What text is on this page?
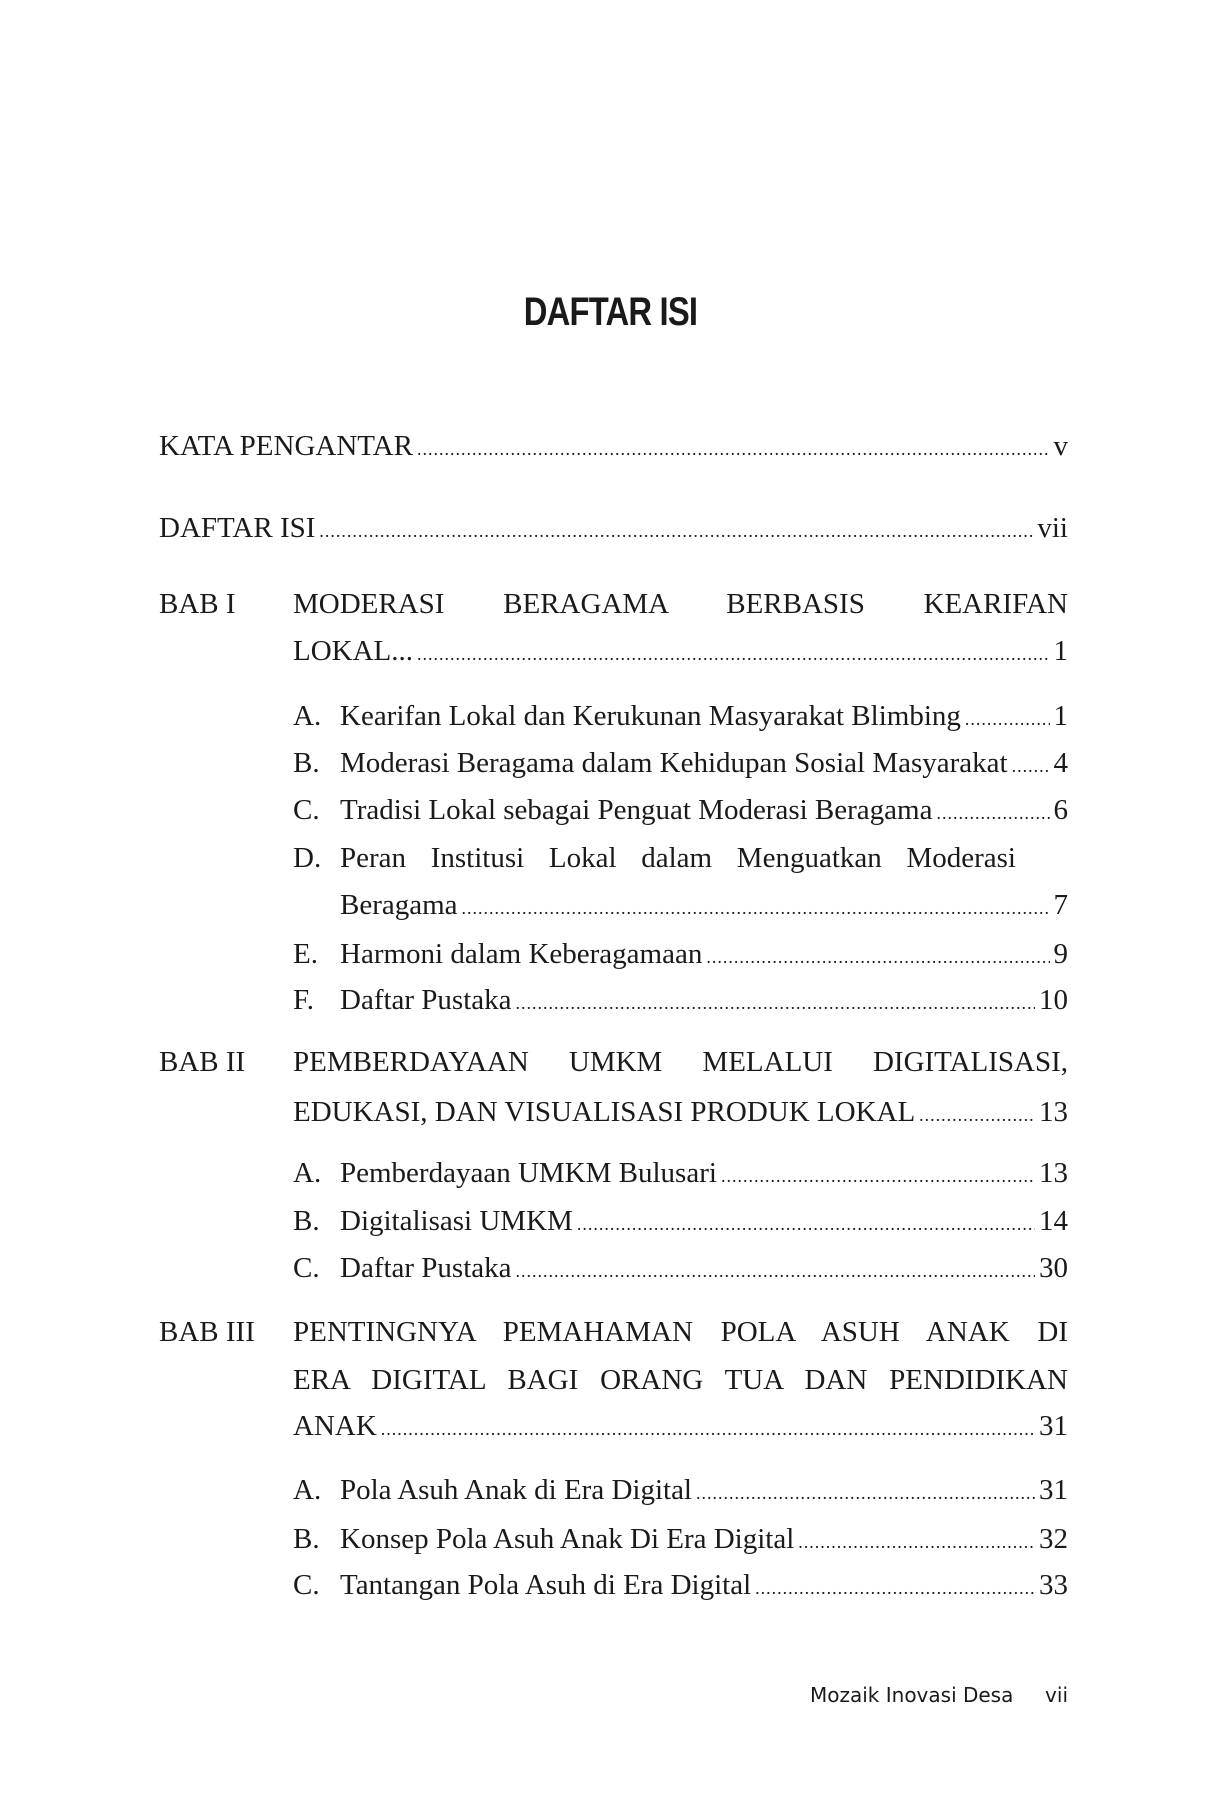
DAFTAR ISI
KATA PENGANTAR .....	v
DAFTAR ISI .....	vii
BAB I MODERASI BERAGAMA BERBASIS KEARIFAN
LOKAL... .....	1
A. Kearifan Lokal dan Kerukunan Masyarakat Blimbing .....	1
B. Moderasi Beragama dalam Kehidupan Sosial Masyarakat ..... 4
C. Tradisi Lokal sebagai Penguat Moderasi Beragama .....	6
D. Peran Institusi Lokal dalam Menguatkan Moderasi
Beragama .....	7
E. Harmoni dalam Keberagamaan .....	9
F. Daftar Pustaka .....	10
BAB II PEMBERDAYAAN UMKM MELALUI DIGITALISASI,
EDUKASI, DAN VISUALISASI PRODUK LOKAL .....	13
A. Pemberdayaan UMKM Bulusari .....	13
B. Digitalisasi UMKM .....	14
C. Daftar Pustaka .....	30
BAB III PENTINGNYA PEMAHAMAN POLA ASUH ANAK DI
ERA DIGITAL BAGI ORANG TUA DAN PENDIDIKAN
ANAK .....	31
A. Pola Asuh Anak di Era Digital .....	31
B. Konsep Pola Asuh Anak Di Era Digital .....	32
C. Tantangan Pola Asuh di Era Digital .....	33
Mozaik Inovasi Desa vii
